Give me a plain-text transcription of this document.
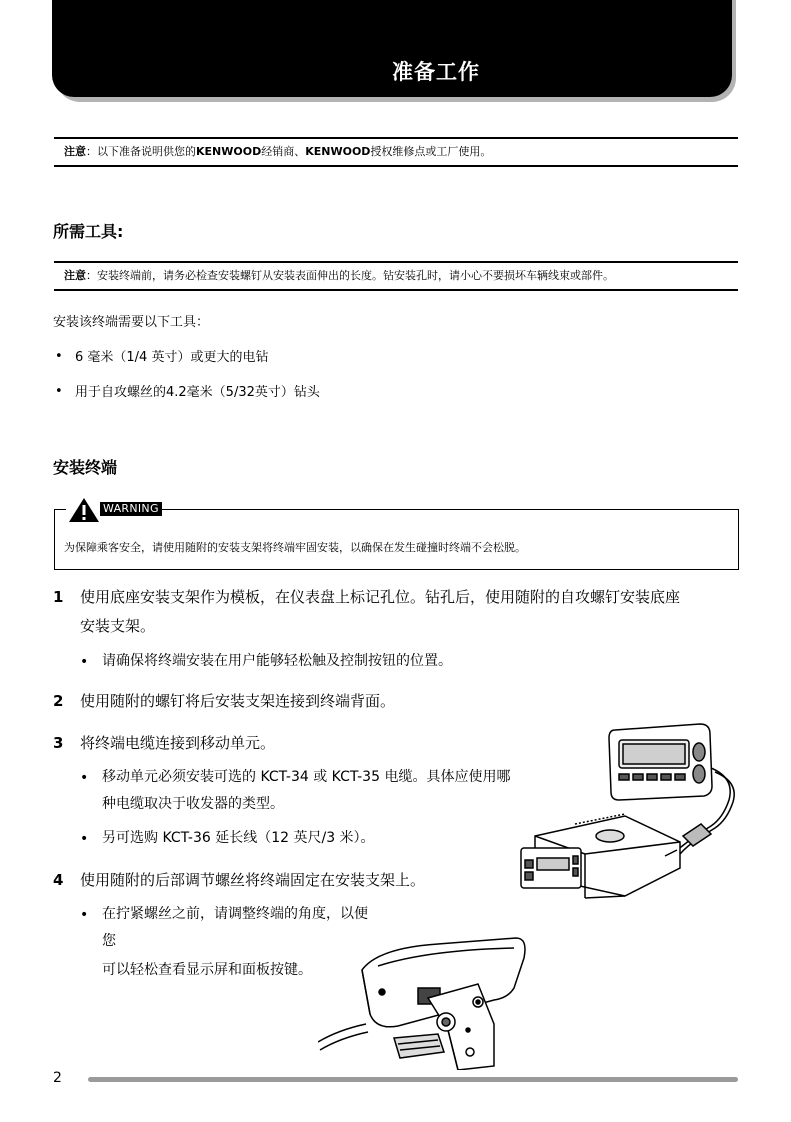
准备工作
注意：以下准备说明供您的KENWOOD经销商、KENWOOD授权维修点或工厂使用。
所需工具:
注意：安装终端前，请务必检查安装螺钉从安装表面伸出的长度。钻安装孔时，请小心不要损坏车辆线束或部件。
安装该终端需要以下工具：
• 6 毫米（1/4 英寸）或更大的电钻
• 用于自攻螺丝的4.2毫米（5/32英寸）钻头
安装终端
WARNING
为保障乘客安全，请使用随附的安装支架将终端牢固安装，以确保在发生碰撞时终端不会松脱。
1 使用底座安装支架作为模板，在仪表盘上标记孔位。钻孔后，使用随附的自攻螺钉安装底座
安装支架。
• 请确保将终端安装在用户能够轻松触及控制按钮的位置。
2 使用随附的螺钉将后安装支架连接到终端背面。
3 将终端电缆连接到移动单元。
• 移动单元必须安装可选的 KCT-34 或 KCT-35 电缆。具体应使用哪
种电缆取决于收发器的类型。
• 另可选购 KCT-36 延长线（12 英尺/3 米）。
4 使用随附的后部调节螺丝将终端固定在安装支架上。
• 在拧紧螺丝之前，请调整终端的角度，以便
您
可以轻松查看显示屏和面板按键。
2
